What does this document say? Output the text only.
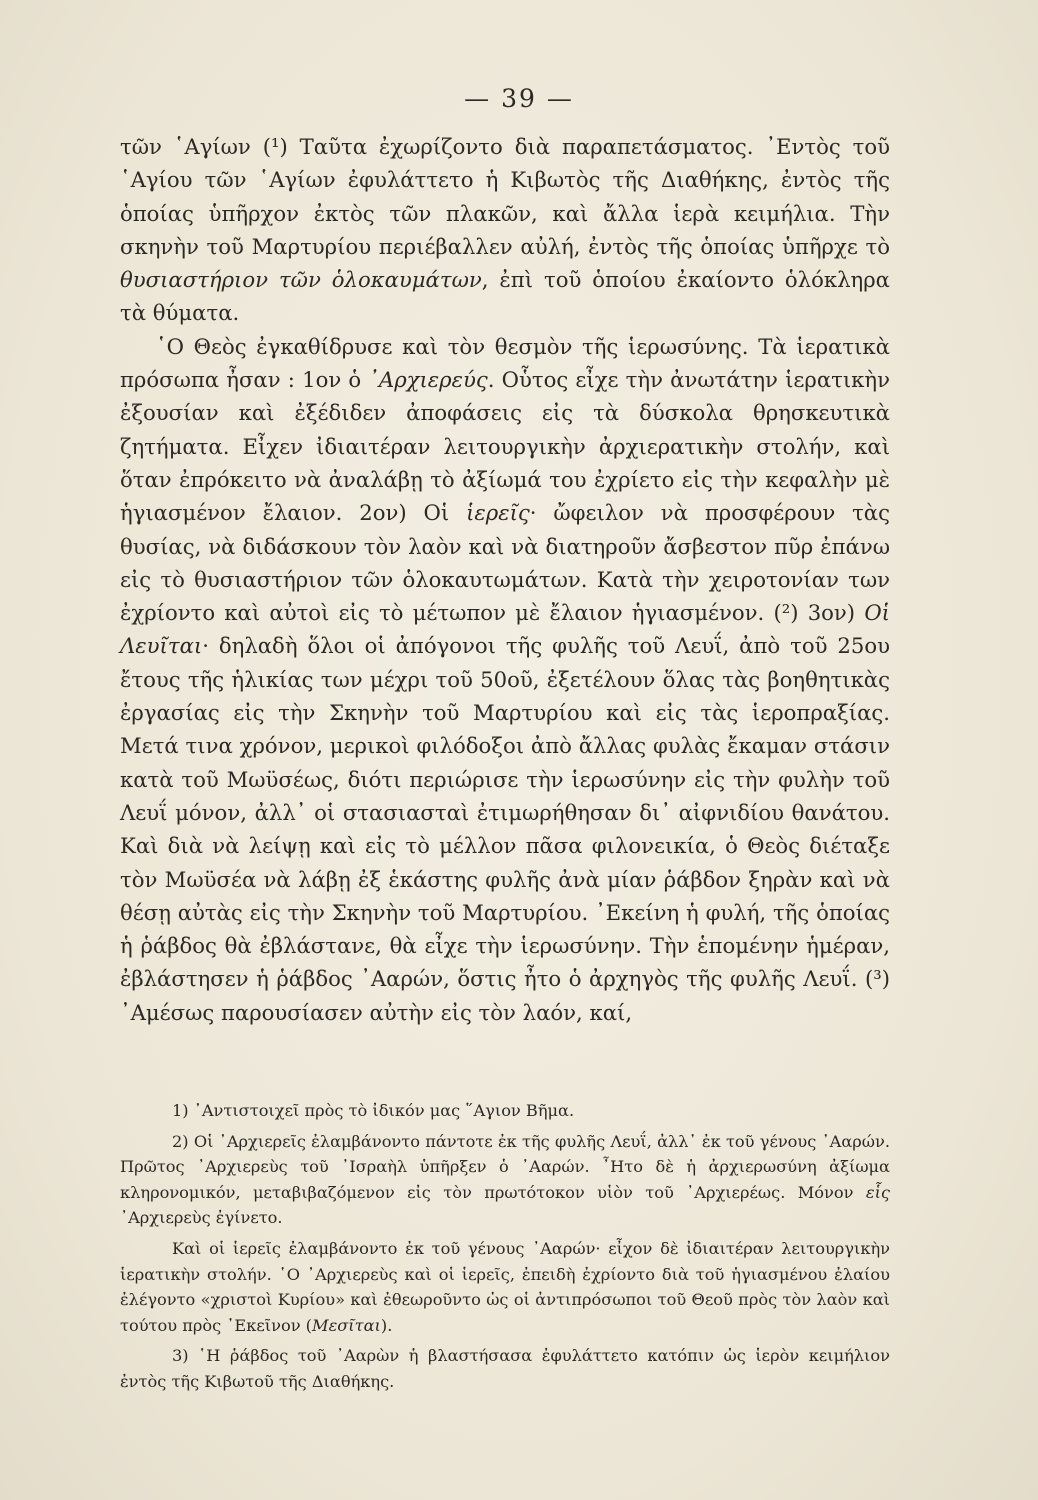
— 39 —

τῶν ῾Αγίων (¹) Ταῦτα ἐχωρίζοντο διὰ παραπετάσματος. ᾿Εντὸς τοῦ ῾Αγίου τῶν ῾Αγίων ἐφυλάττετο ἡ Κιβωτὸς τῆς Διαθήκης, ἐντὸς τῆς ὁποίας ὑπῆρχον ἐκτὸς τῶν πλακῶν, καὶ ἄλλα ἱερὰ κειμήλια. Τὴν σκηνὴν τοῦ Μαρτυρίου περιέβαλλεν αὐλή, ἐντὸς τῆς ὁποίας ὑπῆρχε τὸ θυσιαστήριον τῶν ὁλοκαυμάτων, ἐπὶ τοῦ ὁποίου ἐκαίοντο ὁλόκληρα τὰ θύματα.

῾Ο Θεὸς ἐγκαθίδρυσε καὶ τὸν θεσμὸν τῆς ἱερωσύνης. Τὰ ἱερατικὰ πρόσωπα ἦσαν : 1ον ὁ ᾿Αρχιερεύς. Οὗτος εἶχε τὴν ἀνωτάτην ἱερατικὴν ἐξουσίαν καὶ ἐξέδιδεν ἀποφάσεις εἰς τὰ δύσκολα θρησκευτικὰ ζητήματα. Εἶχεν ἰδιαιτέραν λειτουργικὴν ἀρχιερατικὴν στολήν, καὶ ὅταν ἐπρόκειτο νὰ ἀναλάβῃ τὸ ἀξίωμά του ἐχρίετο εἰς τὴν κεφαλὴν μὲ ἡγιασμένον ἔλαιον. 2ον) Οἱ ἱερεῖς· ὤφειλον νὰ προσφέρουν τὰς θυσίας, νὰ διδάσκουν τὸν λαὸν καὶ νὰ διατηροῦν ἄσβεστον πῦρ ἐπάνω εἰς τὸ θυσιαστήριον τῶν ὁλοκαυτωμάτων. Κατὰ τὴν χειροτονίαν των ἐχρίοντο καὶ αὐτοὶ εἰς τὸ μέτωπον μὲ ἔλαιον ἡγιασμένον. (²) 3ον) Οἱ Λευῖται· δηλαδὴ ὅλοι οἱ ἀπόγονοι τῆς φυλῆς τοῦ Λευΐ, ἀπὸ τοῦ 25ου ἔτους τῆς ἡλικίας των μέχρι τοῦ 50οῦ, ἐξετέλουν ὅλας τὰς βοηθητικὰς ἐργασίας εἰς τὴν Σκηνὴν τοῦ Μαρτυρίου καὶ εἰς τὰς ἱεροπραξίας. Μετά τινα χρόνον, μερικοὶ φιλόδοξοι ἀπὸ ἄλλας φυλὰς ἔκαμαν στάσιν κατὰ τοῦ Μωϋσέως, διότι περιώρισε τὴν ἱερωσύνην εἰς τὴν φυλὴν τοῦ Λευΐ μόνον, ἀλλ᾿ οἱ στασιασταὶ ἐτιμωρήθησαν δι᾿ αἰφνιδίου θανάτου. Καὶ διὰ νὰ λείψῃ καὶ εἰς τὸ μέλλον πᾶσα φιλονεικία, ὁ Θεὸς διέταξε τὸν Μωϋσέα νὰ λάβῃ ἐξ ἑκάστης φυλῆς ἀνὰ μίαν ῥάβδον ξηρὰν καὶ νὰ θέσῃ αὐτὰς εἰς τὴν Σκηνὴν τοῦ Μαρτυρίου. ᾿Εκείνη ἡ φυλή, τῆς ὁποίας ἡ ῥάβδος θὰ ἐβλάστανε, θὰ εἶχε τὴν ἱερωσύνην. Τὴν ἑπομένην ἡμέραν, ἐβλάστησεν ἡ ῥάβδος ᾿Ααρών, ὅστις ἦτο ὁ ἀρχηγὸς τῆς φυλῆς Λευΐ. (³) ᾿Αμέσως παρουσίασεν αὐτὴν εἰς τὸν λαόν, καί,

1) ᾿Αντιστοιχεῖ πρὸς τὸ ἰδικόν μας ῞Αγιον Βῆμα.

2) Οἱ ᾿Αρχιερεῖς ἐλαμβάνοντο πάντοτε ἐκ τῆς φυλῆς Λευΐ, ἀλλ᾿ ἐκ τοῦ γένους ᾿Ααρών. Πρῶτος ᾿Αρχιερεὺς τοῦ ᾿Ισραὴλ ὑπῆρξεν ὁ ᾿Ααρών. ῏Ητο δὲ ἡ ἀρχιερωσύνη ἀξίωμα κληρονομικόν, μεταβιβαζόμενον εἰς τὸν πρωτότοκον υἱὸν τοῦ ᾿Αρχιερέως. Μόνον εἷς ᾿Αρχιερεὺς ἐγίνετο.

Καὶ οἱ ἱερεῖς ἐλαμβάνοντο ἐκ τοῦ γένους ᾿Ααρών· εἶχον δὲ ἰδιαιτέραν λειτουργικὴν ἱερατικὴν στολήν. ῾Ο ᾿Αρχιερεὺς καὶ οἱ ἱερεῖς, ἐπειδὴ ἐχρίοντο διὰ τοῦ ἡγιασμένου ἐλαίου ἐλέγοντο «χριστοὶ Κυρίου» καὶ ἐθεωροῦντο ὡς οἱ ἀντιπρόσωποι τοῦ Θεοῦ πρὸς τὸν λαὸν καὶ τούτου πρὸς ᾿Εκεῖνον (Μεσῖται).

3) ῾Η ῥάβδος τοῦ ᾿Ααρὼν ἡ βλαστήσασα ἐφυλάττετο κατόπιν ὡς ἱερὸν κειμήλιον ἐντὸς τῆς Κιβωτοῦ τῆς Διαθήκης.
